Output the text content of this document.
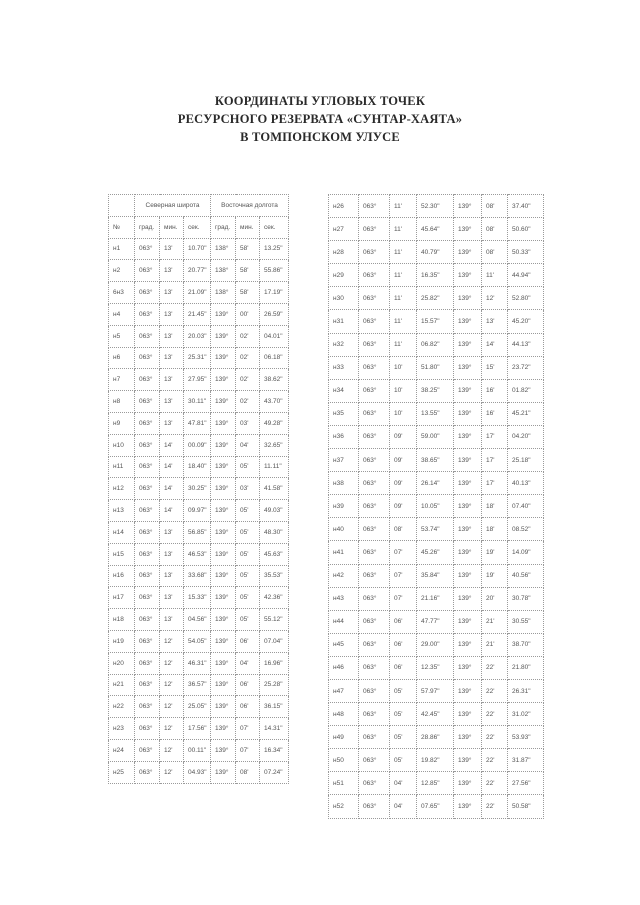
КООРДИНАТЫ УГЛОВЫХ ТОЧЕК
РЕСУРСНОГО РЕЗЕРВАТА «СУНТАР-ХАЯТА»
В ТОМПОНСКОМ УЛУСЕ
	Северная широта			Восточная долгота		
№	град.	мин.	сек.	град.	мин.	сек.
н1	063°	13'	10.70"	138°	58'	13.25"
н2	063°	13'	20.77"	138°	58'	55.86"
6н3	063°	13'	21.09"	138°	58'	17.19"
н4	063°	13'	21.45"	139°	00'	26.59"
н5	063°	13'	20.03"	139°	02'	04.01"
н6	063°	13'	25.31"	139°	02'	06.18"
н7	063°	13'	27.95"	139°	02'	38.62"
н8	063°	13'	30.11"	139°	02'	43.70"
н9	063°	13'	47.81"	139°	03'	49.28"
н10	063°	14'	00.09"	139°	04'	32.65"
н11	063°	14'	18.40"	139°	05'	11.11"
н12	063°	14'	30.25"	139°	03'	41.58"
н13	063°	14'	09.97"	139°	05'	49.03"
н14	063°	13'	56.85"	139°	05'	48.30"
н15	063°	13'	46.53"	139°	05'	45.63"
н16	063°	13'	33.68"	139°	05'	35.53"
н17	063°	13'	15.33"	139°	05'	42.36"
н18	063°	13'	04.56"	139°	05'	55.12"
н19	063°	12'	54.05"	139°	06'	07.04"
н20	063°	12'	46.31"	139°	04'	16.96"
н21	063°	12'	36.57"	139°	06'	25.28"
н22	063°	12'	25.05"	139°	06'	36.15"
н23	063°	12'	17.56"	139°	07'	14.31"
н24	063°	12'	00.11"	139°	07'	16.34"
н25	063°	12'	04.93"	139°	08'	07.24"
н26	063°	11'	52.30"	139°	08'	37.40"
н27	063°	11'	45.64"	139°	08'	50.60"
н28	063°	11'	40.79"	139°	08'	50.33"
н29	063°	11'	16.35"	139°	11'	44.94"
н30	063°	11'	25.82"	139°	12'	52.80"
н31	063°	11'	15.57"	139°	13'	45.20"
н32	063°	11'	06.82"	139°	14'	44.13"
н33	063°	10'	51.80"	139°	15'	23.72"
н34	063°	10'	38.25"	139°	16'	01.82"
н35	063°	10'	13.55"	139°	16'	45.21"
н36	063°	09'	59.00"	139°	17'	04.20"
н37	063°	09'	38.65"	139°	17'	25.18"
н38	063°	09'	26.14"	139°	17'	40.13"
н39	063°	09'	10.05"	139°	18'	07.40"
н40	063°	08'	53.74"	139°	18'	08.52"
н41	063°	07'	45.26"	139°	19'	14.09"
н42	063°	07'	35.84"	139°	19'	40.56"
н43	063°	07'	21.16"	139°	20'	30.78"
н44	063°	06'	47.77"	139°	21'	30.55"
н45	063°	06'	29.00"	139°	21'	38.70"
н46	063°	06'	12.35"	139°	22'	21.80"
н47	063°	05'	57.97"	139°	22'	26.31"
н48	063°	05'	42.45"	139°	22'	31.02"
н49	063°	05'	28.86"	139°	22'	53.93"
н50	063°	05'	19.82"	139°	22'	31.87"
н51	063°	04'	12.85"	139°	22'	27.56"
н52	063°	04'	07.65"	139°	22'	50.58"
